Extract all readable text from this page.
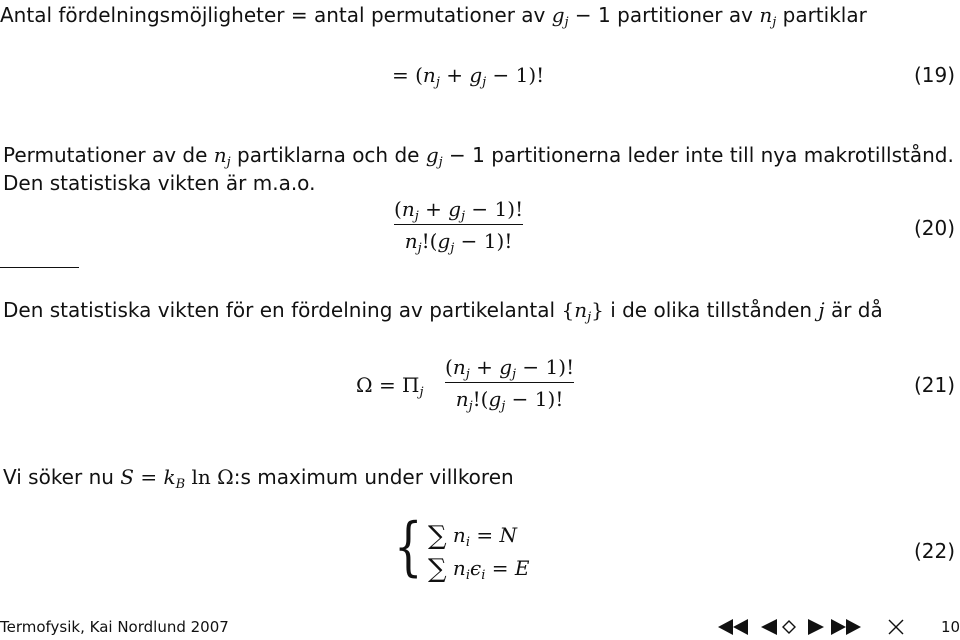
Antal fördelningsmöjligheter = antal permutationer av $g_j - 1$ partitioner av $n_j$ partiklar
= $(n_j + g_j - 1)$!	(19)
Permutationer av de $n_j$ partiklarna och de $g_j - 1$ partitionerna leder inte till nya makrotillstånd.
Den statistiska vikten är m.a.o.
$(n_j + g_j - 1)$!
$n_j!(g_j - 1)$!
(20)
Den statistiska vikten för en fördelning av partikelantal $\{n_j\}$ i de olika tillstånden j är då
$\Omega = \Pi_j$
$(n_j + g_j - 1)$!
$n_j!(g_j - 1)$!
(21)
Vi söker nu $S = k_B$ ln Ω:s maximum under villkoren
{ ∑ $n_i = N$
∑ $n_i\epsilon_i = E$
(22)
Termofysik, Kai Nordlund 2007	10
